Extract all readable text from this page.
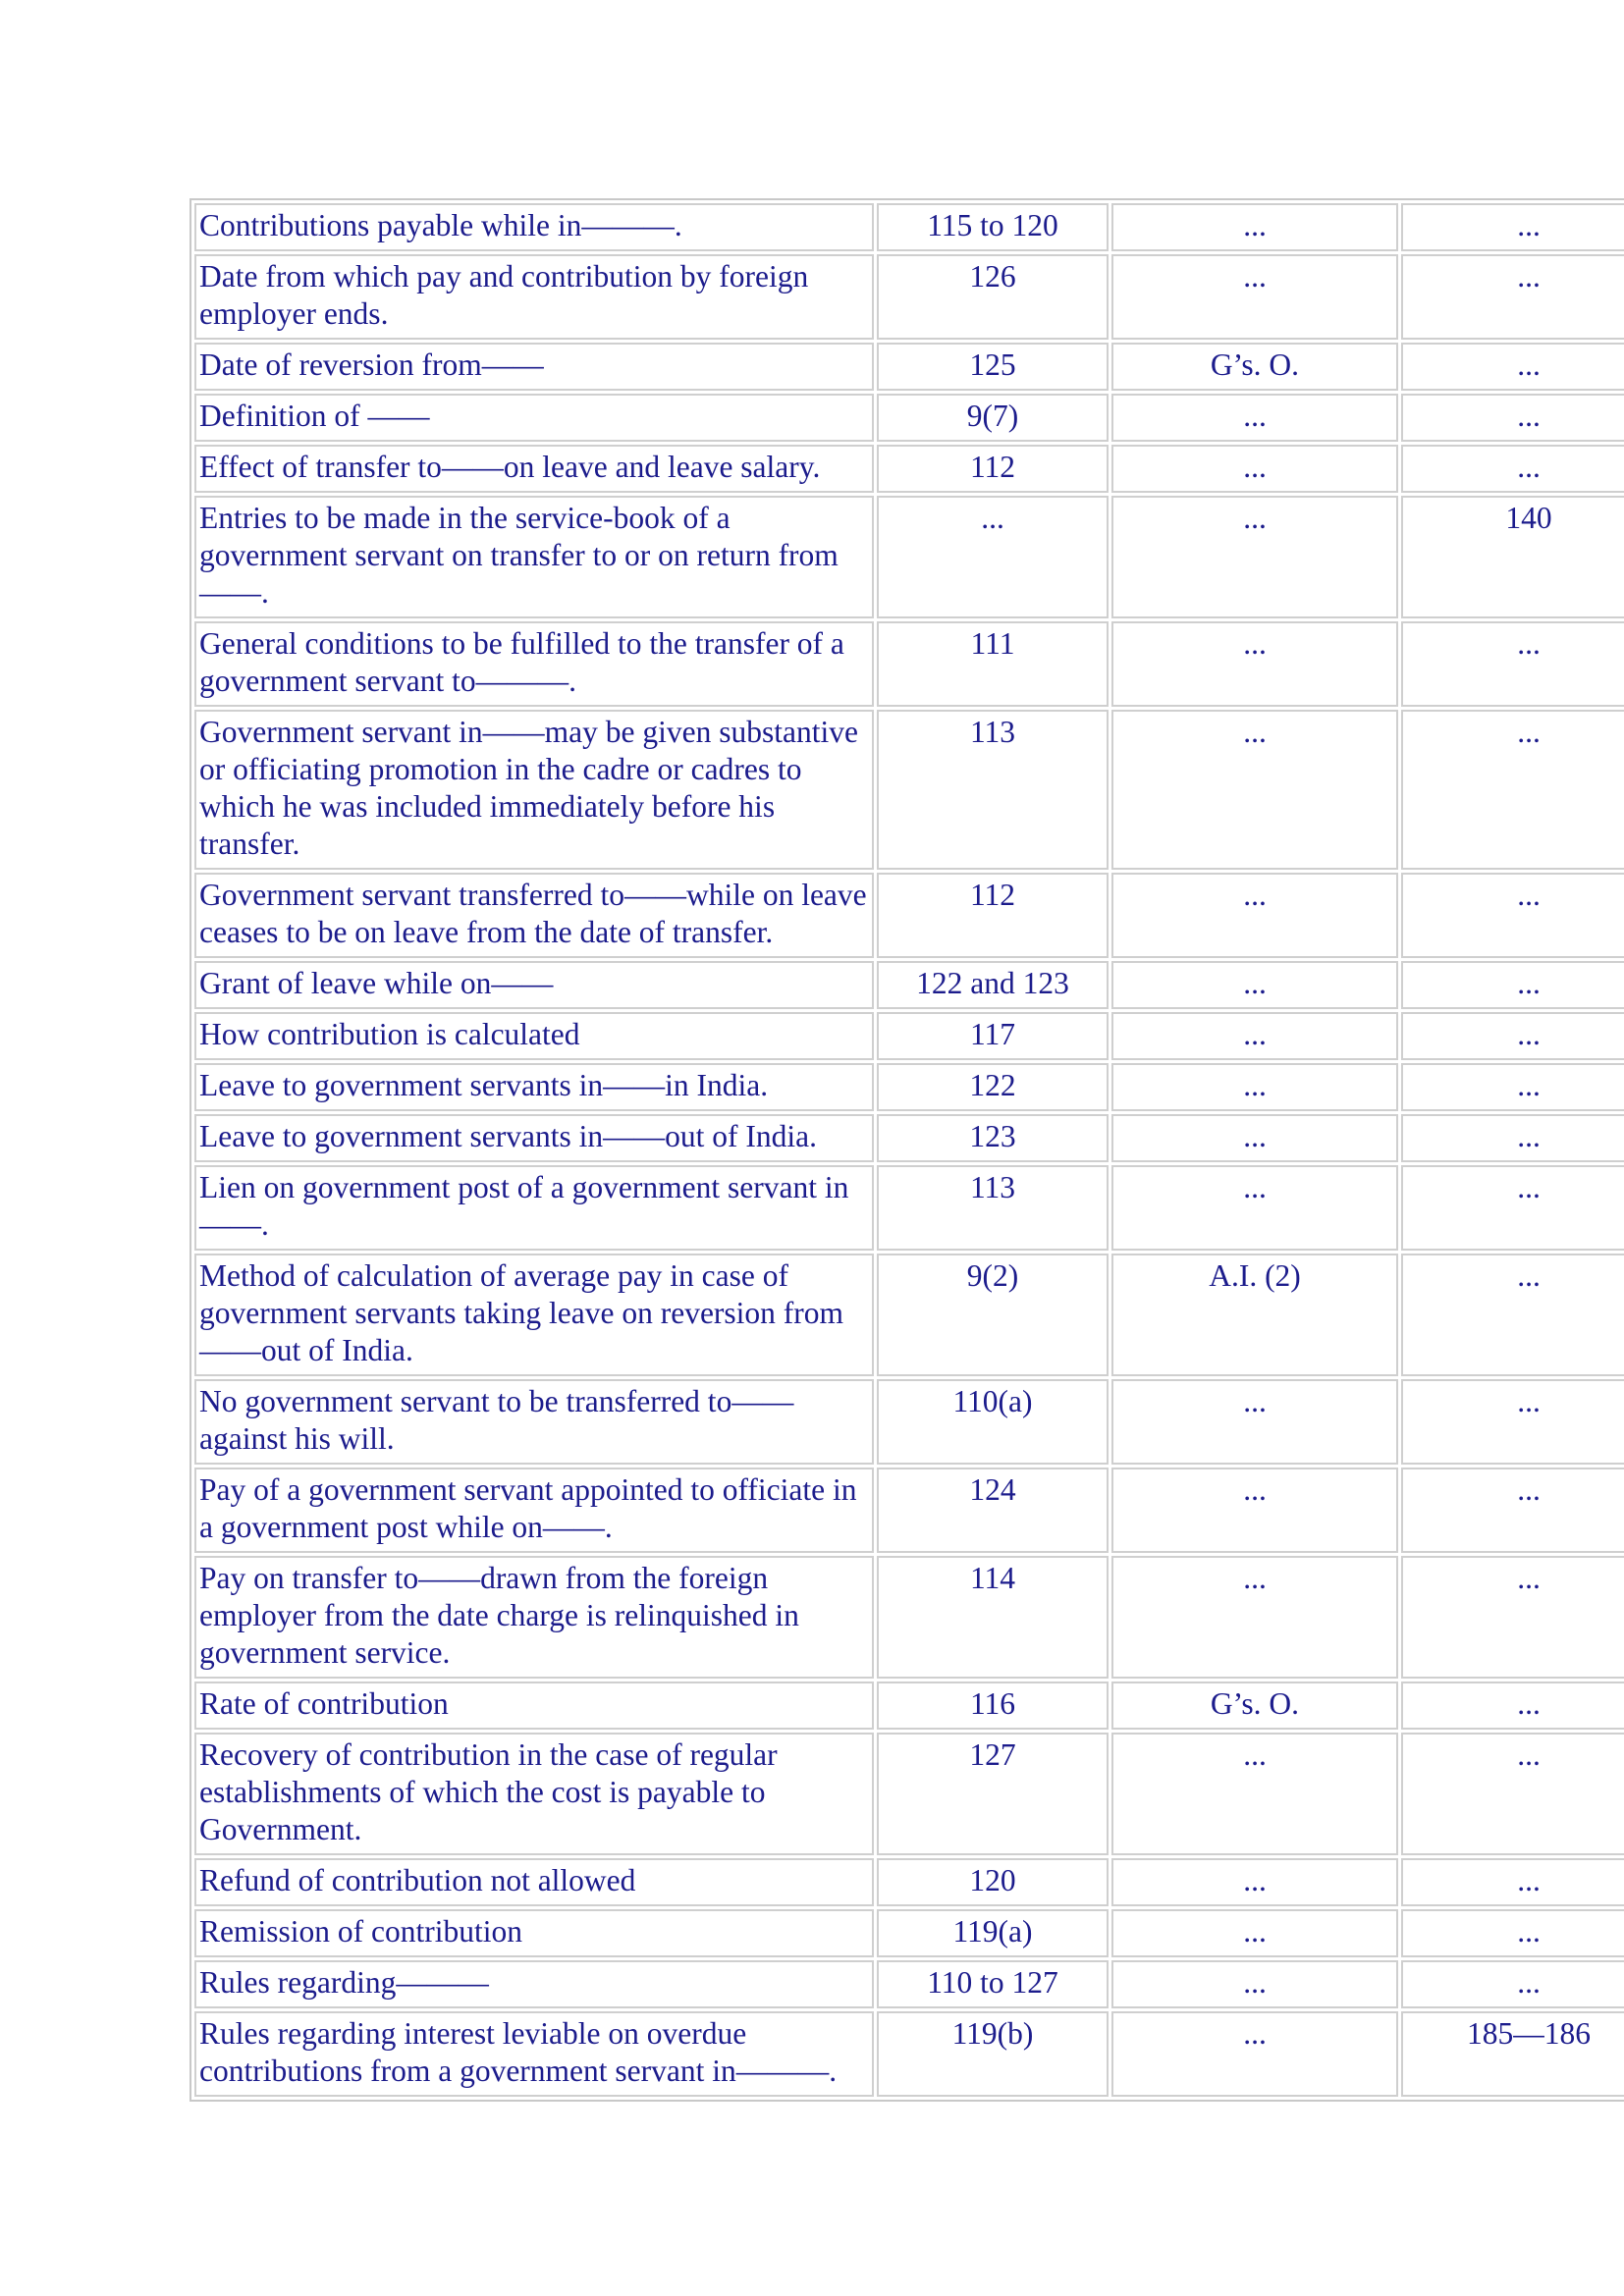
Contributions payable while in———.	115 to 120	...	...
Date from which pay and contribution by foreign employer ends.	126	...	...
Date of reversion from——	125	G’s. O.	...
Definition of ——	9(7)	...	...
Effect of transfer to——on leave and leave salary.	112	...	...
Entries to be made in the service-book of a government servant on transfer to or on return from——.	...	...	140
General conditions to be fulfilled to the transfer of a government servant to———.	111	...	...
Government servant in——may be given substantive or officiating promotion in the cadre or cadres to which he was included immediately before his transfer.	113	...	...
Government servant transferred to——while on leave ceases to be on leave from the date of transfer.	112	...	...
Grant of leave while on——	122 and 123	...	...
How contribution is calculated	117	...	...
Leave to government servants in——in India.	122	...	...
Leave to government servants in——out of India.	123	...	...
Lien on government post of a government servant in——.	113	...	...
Method of calculation of average pay in case of government servants taking leave on reversion from——out of India.	9(2)	A.I. (2)	...
No government servant to be transferred to—— against his will.	110(a)	...	...
Pay of a government servant appointed to officiate in a government post while on——.	124	...	...
Pay on transfer to——drawn from the foreign employer from the date charge is relinquished in government service.	114	...	...
Rate of contribution	116	G’s. O.	...
Recovery of contribution in the case of regular establishments of which the cost is payable to Government.	127	...	...
Refund of contribution not allowed	120	...	...
Remission of contribution	119(a)	...	...
Rules regarding———	110 to 127	...	...
Rules regarding interest leviable on overdue contributions from a government servant in———.	119(b)	...	185—186
